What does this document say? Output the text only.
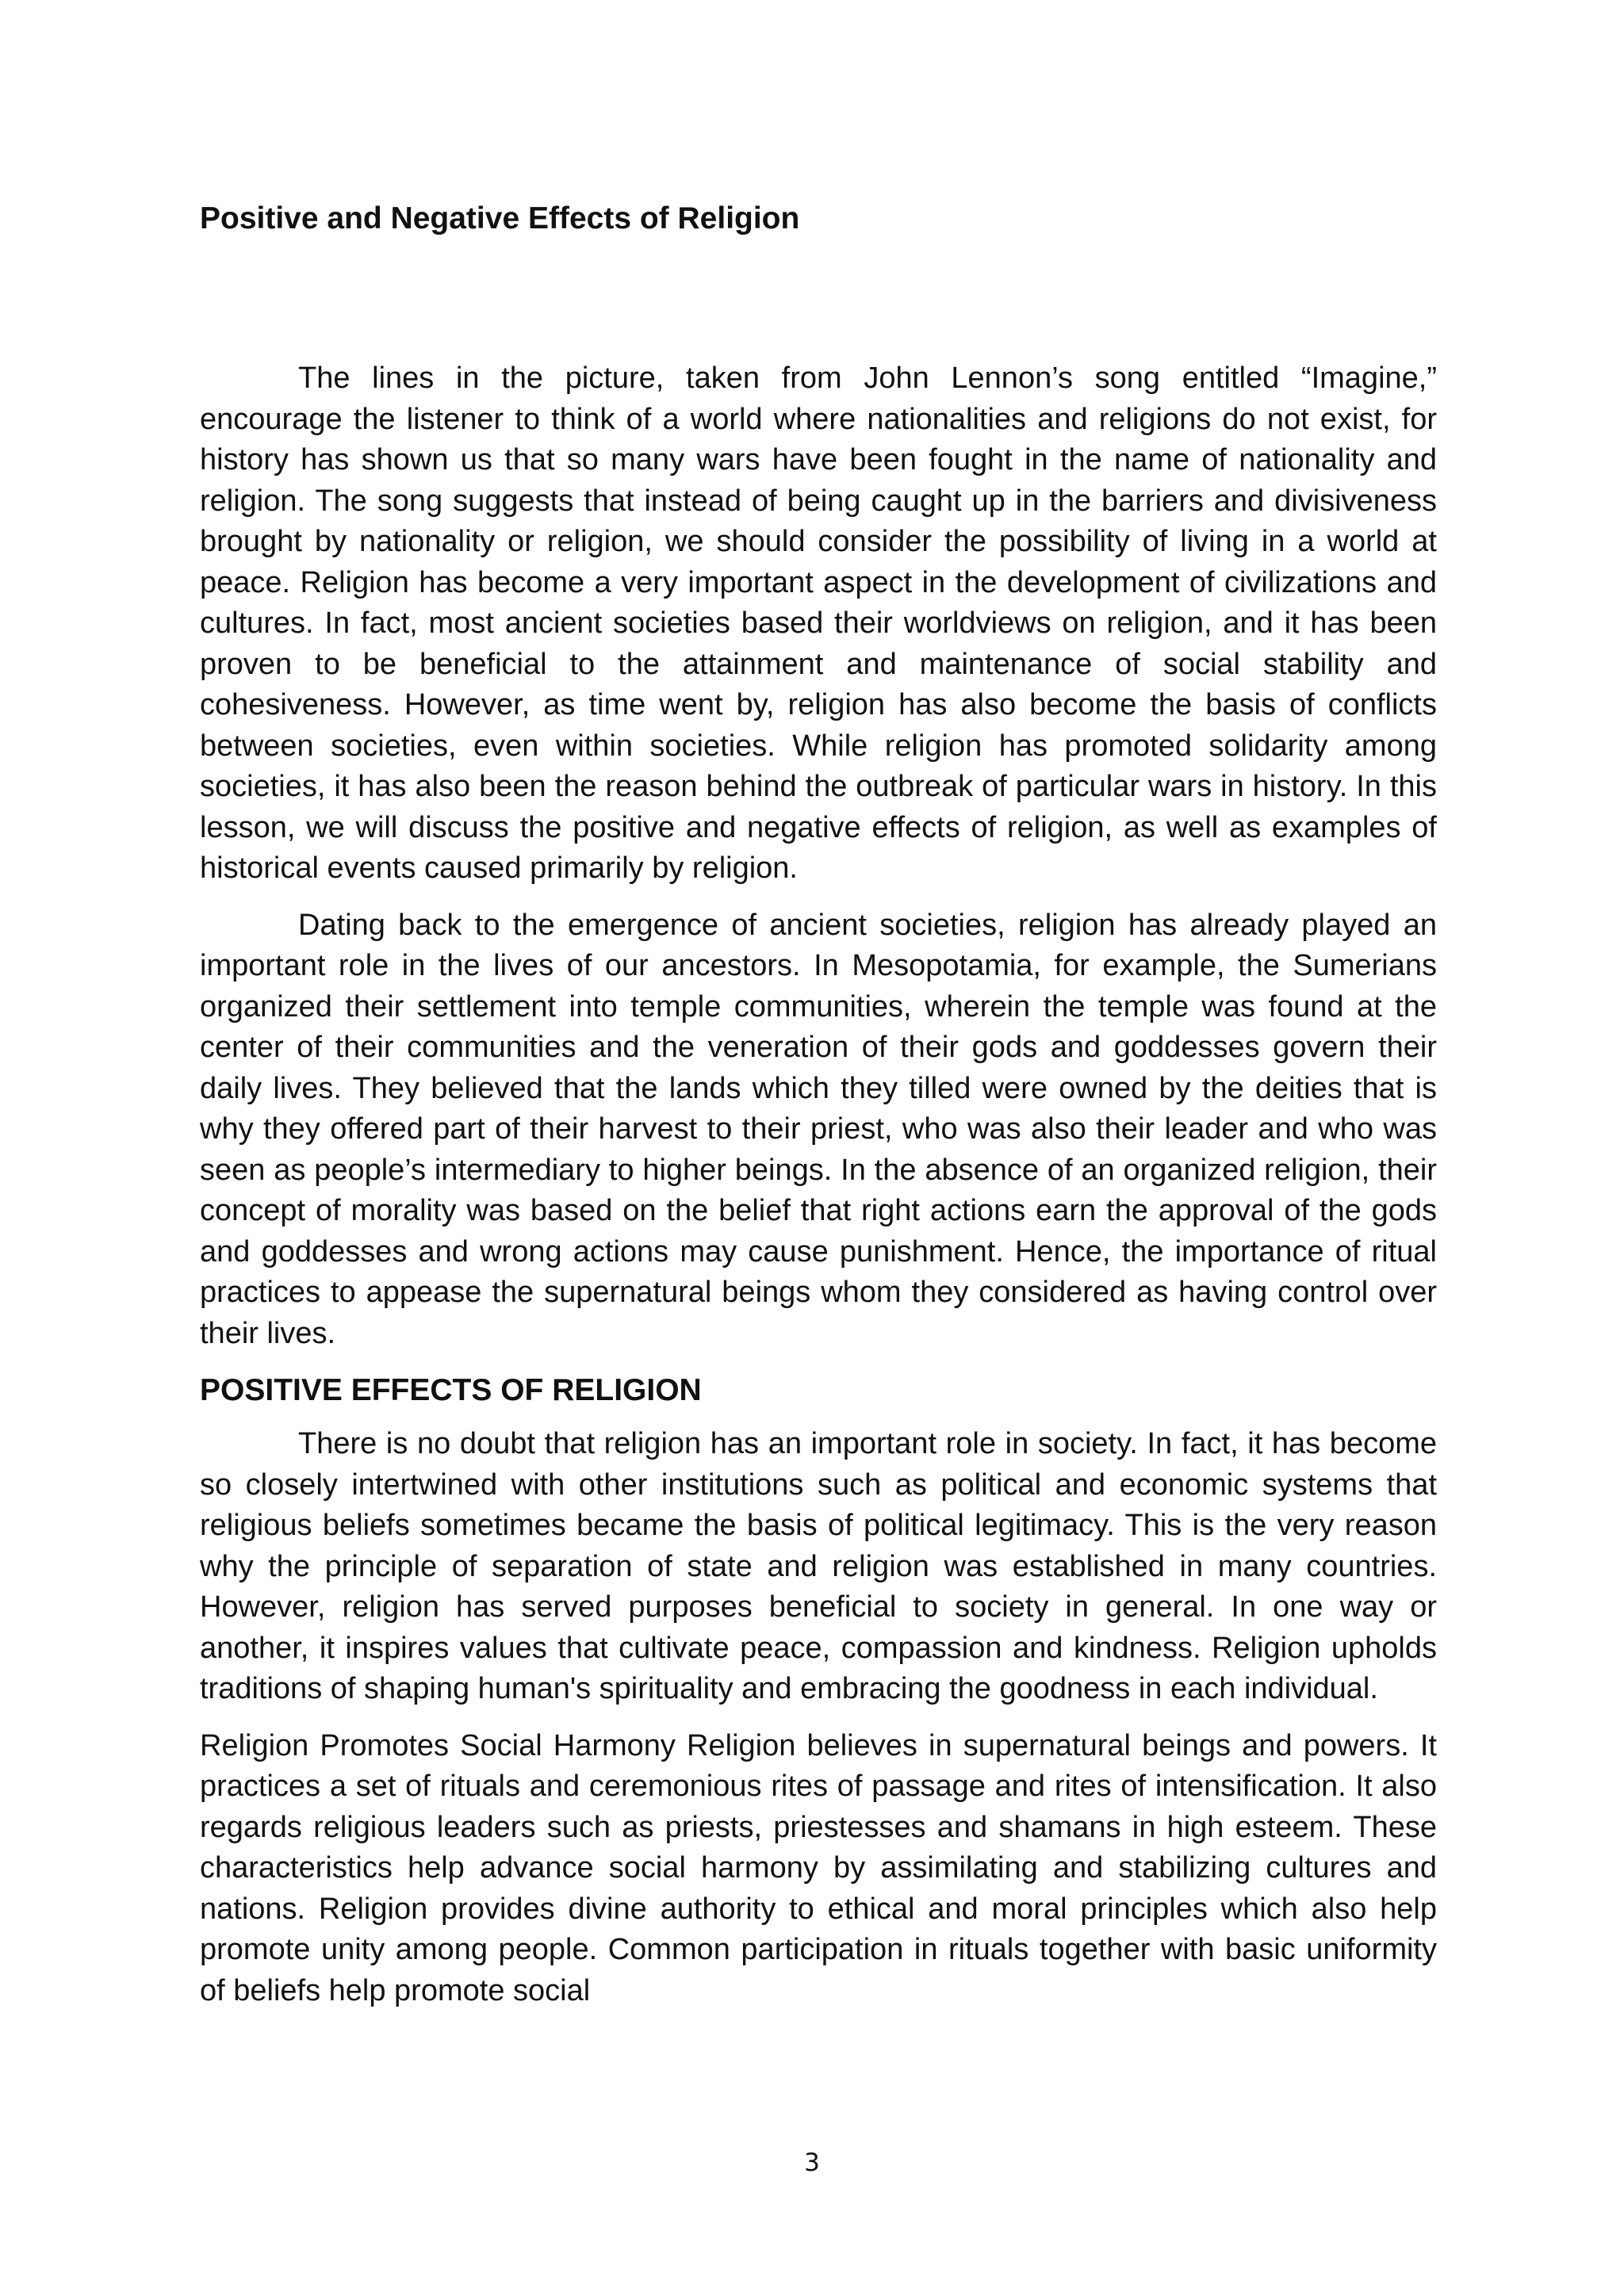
Positive and Negative Effects of Religion

The lines in the picture, taken from John Lennon’s song entitled “Imagine,” encourage the listener to think of a world where nationalities and religions do not exist, for history has shown us that so many wars have been fought in the name of nationality and religion. The song suggests that instead of being caught up in the barriers and divisiveness brought by nationality or religion, we should consider the possibility of living in a world at peace. Religion has become a very important aspect in the development of civilizations and cultures. In fact, most ancient societies based their worldviews on religion, and it has been proven to be beneficial to the attainment and maintenance of social stability and cohesiveness. However, as time went by, religion has also become the basis of conflicts between societies, even within societies. While religion has promoted solidarity among societies, it has also been the reason behind the outbreak of particular wars in history. In this lesson, we will discuss the positive and negative effects of religion, as well as examples of historical events caused primarily by religion.

Dating back to the emergence of ancient societies, religion has already played an important role in the lives of our ancestors. In Mesopotamia, for example, the Sumerians organized their settlement into temple communities, wherein the temple was found at the center of their communities and the veneration of their gods and goddesses govern their daily lives. They believed that the lands which they tilled were owned by the deities that is why they offered part of their harvest to their priest, who was also their leader and who was seen as people’s intermediary to higher beings. In the absence of an organized religion, their concept of morality was based on the belief that right actions earn the approval of the gods and goddesses and wrong actions may cause punishment. Hence, the importance of ritual practices to appease the supernatural beings whom they considered as having control over their lives.

POSITIVE EFFECTS OF RELIGION

There is no doubt that religion has an important role in society. In fact, it has become so closely intertwined with other institutions such as political and economic systems that religious beliefs sometimes became the basis of political legitimacy. This is the very reason why the principle of separation of state and religion was established in many countries. However, religion has served purposes beneficial to society in general. In one way or another, it inspires values that cultivate peace, compassion and kindness. Religion upholds traditions of shaping human's spirituality and embracing the goodness in each individual.

Religion Promotes Social Harmony Religion believes in supernatural beings and powers. It practices a set of rituals and ceremonious rites of passage and rites of intensification. It also regards religious leaders such as priests, priestesses and shamans in high esteem. These characteristics help advance social harmony by assimilating and stabilizing cultures and nations. Religion provides divine authority to ethical and moral principles which also help promote unity among people. Common participation in rituals together with basic uniformity of beliefs help promote social

3
